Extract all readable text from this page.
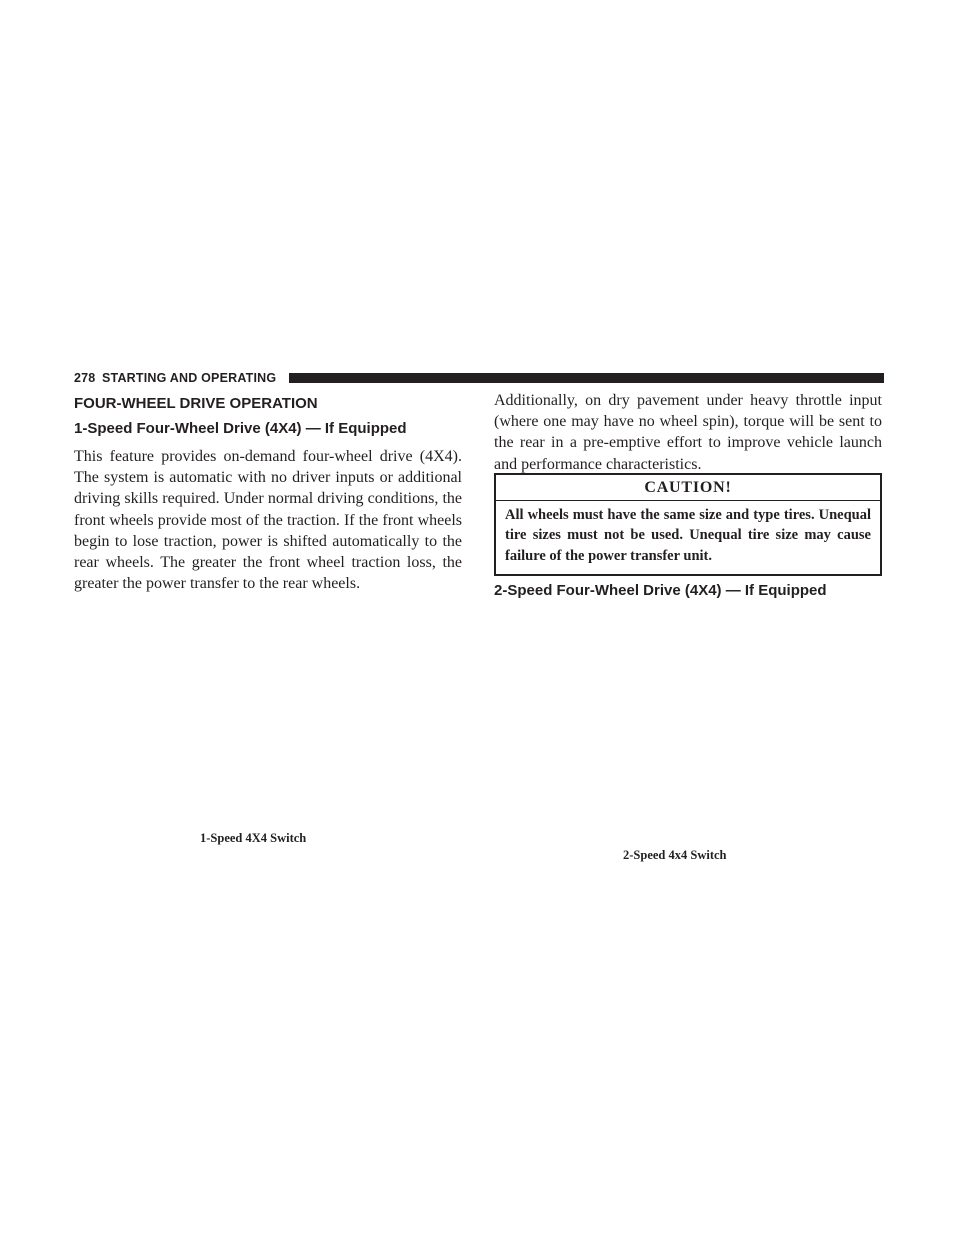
278 STARTING AND OPERATING
FOUR-WHEEL DRIVE OPERATION
1-Speed Four-Wheel Drive (4X4) — If Equipped

This feature provides on-demand four-wheel drive (4X4). The system is automatic with no driver inputs or additional driving skills required. Under normal driving conditions, the front wheels provide most of the traction. If the front wheels begin to lose traction, power is shifted automatically to the rear wheels. The greater the front wheel traction loss, the greater the power transfer to the rear wheels.

Additionally, on dry pavement under heavy throttle input (where one may have no wheel spin), torque will be sent to the rear in a pre-emptive effort to improve vehicle launch and performance characteristics.

CAUTION!
All wheels must have the same size and type tires. Unequal tire sizes must not be used. Unequal tire size may cause failure of the power transfer unit.
2-Speed Four-Wheel Drive (4X4) — If Equipped
1-Speed 4X4 Switch
2-Speed 4x4 Switch
